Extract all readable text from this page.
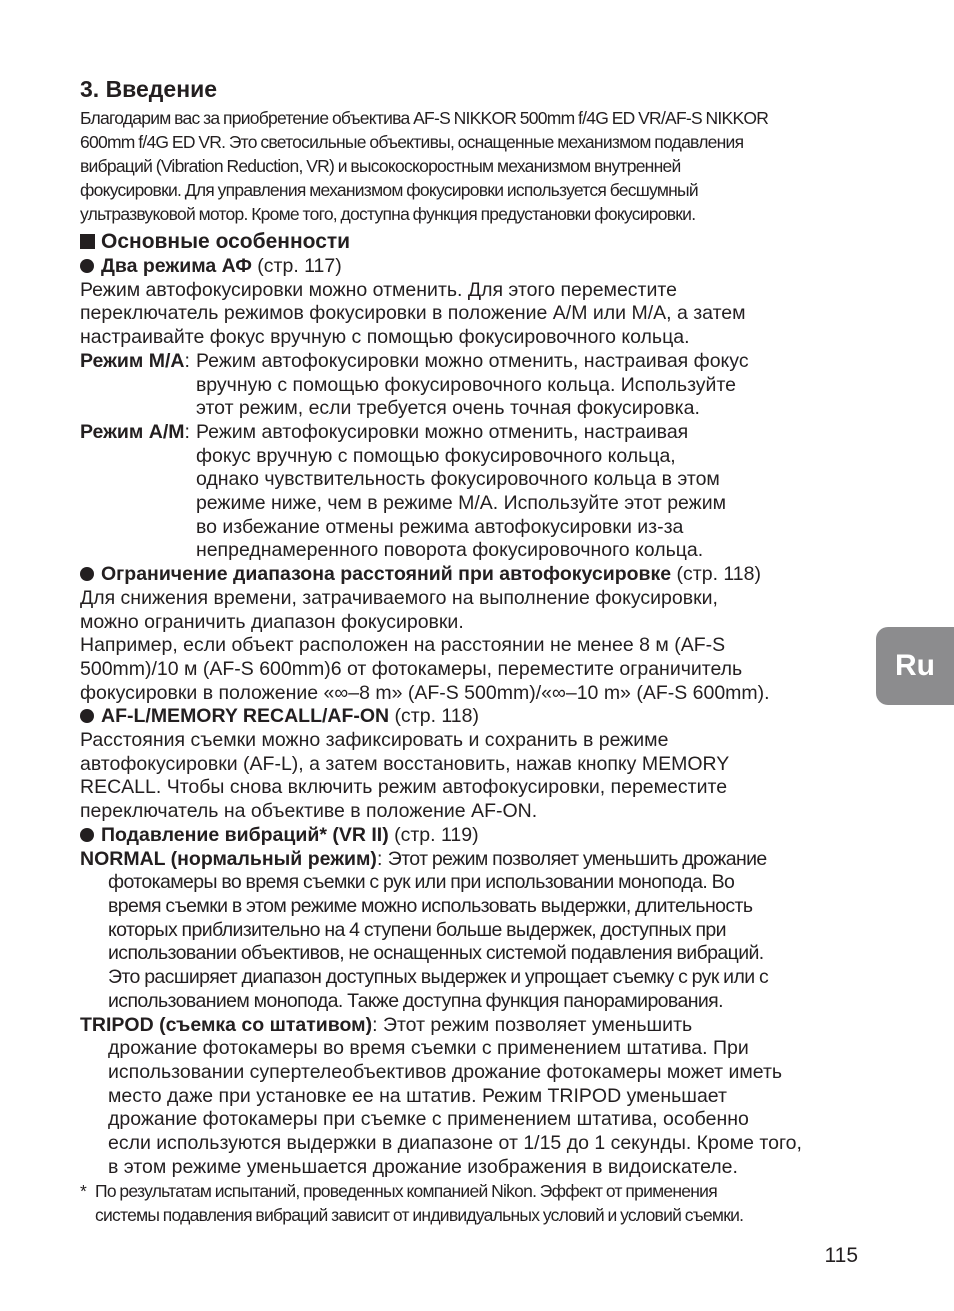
3. Введение
Благодарим вас за приобретение объектива AF-S NIKKOR 500mm f/4G ED VR/AF-S NIKKOR
600mm f/4G ED VR. Это светосильные объективы, оснащенные механизмом подавления
вибраций (Vibration Reduction, VR) и высокоскоростным механизмом внутренней
фокусировки. Для управления механизмом фокусировки используется бесшумный
ультразвуковой мотор. Кроме того, доступна функция предустановки фокусировки.
Основные особенности
Два режима АФ (стр. 117)
Режим автофокусировки можно отменить. Для этого переместите
переключатель режимов фокусировки в положение A/M или M/A, а затем
настраивайте фокус вручную с помощью фокусировочного кольца.
Режим M/A : Режим автофокусировки можно отменить, настраивая фокус
вручную с помощью фокусировочного кольца. Используйте
этот режим, если требуется очень точная фокусировка.
Режим A/M : Режим автофокусировки можно отменить, настраивая
фокус вручную с помощью фокусировочного кольца,
однако чувствительность фокусировочного кольца в этом
режиме ниже, чем в режиме M/A. Используйте этот режим
во избежание отмены режима автофокусировки из-за
непреднамеренного поворота фокусировочного кольца.
Ограничение диапазона расстояний при автофокусировке (стр. 118)
Для снижения времени, затрачиваемого на выполнение фокусировки,
можно ограничить диапазон фокусировки.
Например, если объект расположен на расстоянии не менее 8 м (AF-S
500mm)/10 м (AF-S 600mm)6 от фотокамеры, переместите ограничитель
фокусировки в положение «∞–8 m» (AF-S 500mm)/«∞–10 m» (AF-S 600mm).
AF-L/MEMORY RECALL/AF-ON (стр. 118)
Расстояния съемки можно зафиксировать и сохранить в режиме
автофокусировки (AF-L), а затем восстановить, нажав кнопку MEMORY
RECALL. Чтобы снова включить режим автофокусировки, переместите
переключатель на объективе в положение AF-ON.
Подавление вибраций* (VR II) (стр. 119)
NORMAL (нормальный режим): Этот режим позволяет уменьшить дрожание
фотокамеры во время съемки с рук или при использовании монопода. Во
время съемки в этом режиме можно использовать выдержки, длительность
которых приблизительно на 4 ступени больше выдержек, доступных при
использовании объективов, не оснащенных системой подавления вибраций.
Это расширяет диапазон доступных выдержек и упрощает съемку с рук или с
использованием монопода. Также доступна функция панорамирования.
TRIPOD (съемка со штативом): Этот режим позволяет уменьшить
дрожание фотокамеры во время съемки с применением штатива. При
использовании супертелеобъективов дрожание фотокамеры может иметь
место даже при установке ее на штатив. Режим TRIPOD уменьшает
дрожание фотокамеры при съемке с применением штатива, особенно
если используются выдержки в диапазоне от 1/15 до 1 секунды. Кроме того,
в этом режиме уменьшается дрожание изображения в видоискателе.
* По результатам испытаний, проведенных компанией Nikon. Эффект от применения
системы подавления вибраций зависит от индивидуальных условий и условий съемки.
115
Ru
